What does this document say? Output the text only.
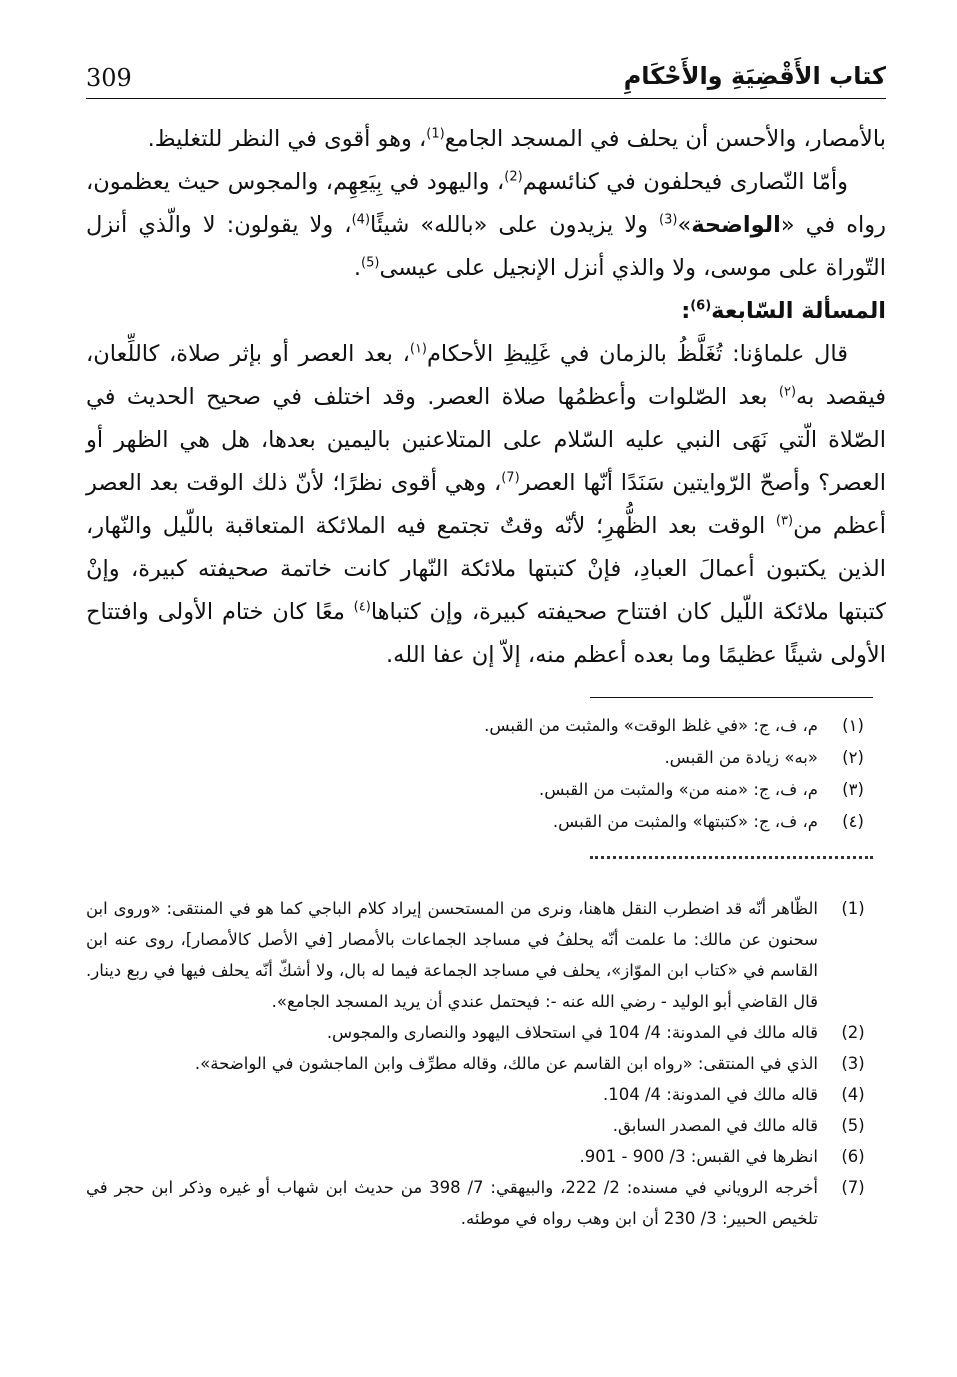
309	كتاب الأَقْضِيَةِ والأَحْكَامِ

بالأمصار، والأحسن أن يحلف في المسجد الجامع$^{(1)}$، وهو أقوى في النظر للتغليظ.

وأمّا النّصارى فيحلفون في كنائسهم$^{(2)}$، واليهود في بِيَعِهِم، والمجوس حيث يعظمون، رواه في «الواضحة»$^{(3)}$ ولا يزيدون على «بالله» شيئًا$^{(4)}$، ولا يقولون: لا والّذي أنزل التّوراة على موسى، ولا والذي أنزل الإنجيل على عيسى$^{(5)}$.

المسألة السّابعة$^{(6)}$:

قال علماؤنا: تُغَلَّظُ بالزمان في غَلِيظِ الأحكام$^{(١)}$، بعد العصر أو بإثر صلاة، كاللِّعان، فيقصد به$^{(٢)}$ بعد الصّلوات وأعظمُها صلاة العصر. وقد اختلف في صحيح الحديث في الصّلاة الّتي نَهَى النبي عليه السّلام على المتلاعنين باليمين بعدها، هل هي الظهر أو العصر؟ وأصحّ الرّوايتين سَنَدًا أنّها العصر$^{(7)}$، وهي أقوى نظرًا؛ لأنّ ذلك الوقت بعد العصر أعظم من$^{(٣)}$ الوقت بعد الظُّهرِ؛ لأنّه وقتٌ تجتمع فيه الملائكة المتعاقبة باللّيل والنّهار، الذين يكتبون أعمالَ العبادِ، فإنْ كتبتها ملائكة النّهار كانت خاتمة صحيفته كبيرة، وإنْ كتبتها ملائكة اللّيل كان افتتاح صحيفته كبيرة، وإن كتباها$^{(٤)}$ معًا كان ختام الأولى وافتتاح الأولى شيئًا عظيمًا وما بعده أعظم منه، إلاّ إن عفا الله.

(١)
م، ف، ج: «في غلظ الوقت» والمثبت من القبس.
(٢)
«به» زيادة من القبس.
(٣)
م، ف، ج: «منه من» والمثبت من القبس.
(٤)
م، ف، ج: «كتبتها» والمثبت من القبس.
(1)
الظّاهر أنّه قد اضطرب النقل هاهنا، ونرى من المستحسن إيراد كلام الباجي كما هو في المنتقى: «وروى ابن سحنون عن مالك: ما علمت أنّه يحلفُ في مساجد الجماعات بالأمصار [في الأصل كالأمصار]، روى عنه ابن القاسم في «كتاب ابن الموّاز»، يحلف في مساجد الجماعة فيما له بال، ولا أشكّ أنّه يحلف فيها في ربع دينار. قال القاضي أبو الوليد - رضي الله عنه -: فيحتمل عندي أن يريد المسجد الجامع».
(2)
قاله مالك في المدونة: 4/ 104 في استحلاف اليهود والنصارى والمجوس.
(3)
الذي في المنتقى: «رواه ابن القاسم عن مالك، وقاله مطرِّف وابن الماجشون في الواضحة».
(4)
قاله مالك في المدونة: 4/ 104.
(5)
قاله مالك في المصدر السابق.
(6)
انظرها في القبس: 3/ 900 - 901.
(7)
أخرجه الروياني في مسنده: 2/ 222، والبيهقي: 7/ 398 من حديث ابن شهاب أو غيره وذكر ابن حجر في تلخيص الحبير: 3/ 230 أن ابن وهب رواه في موطئه.
